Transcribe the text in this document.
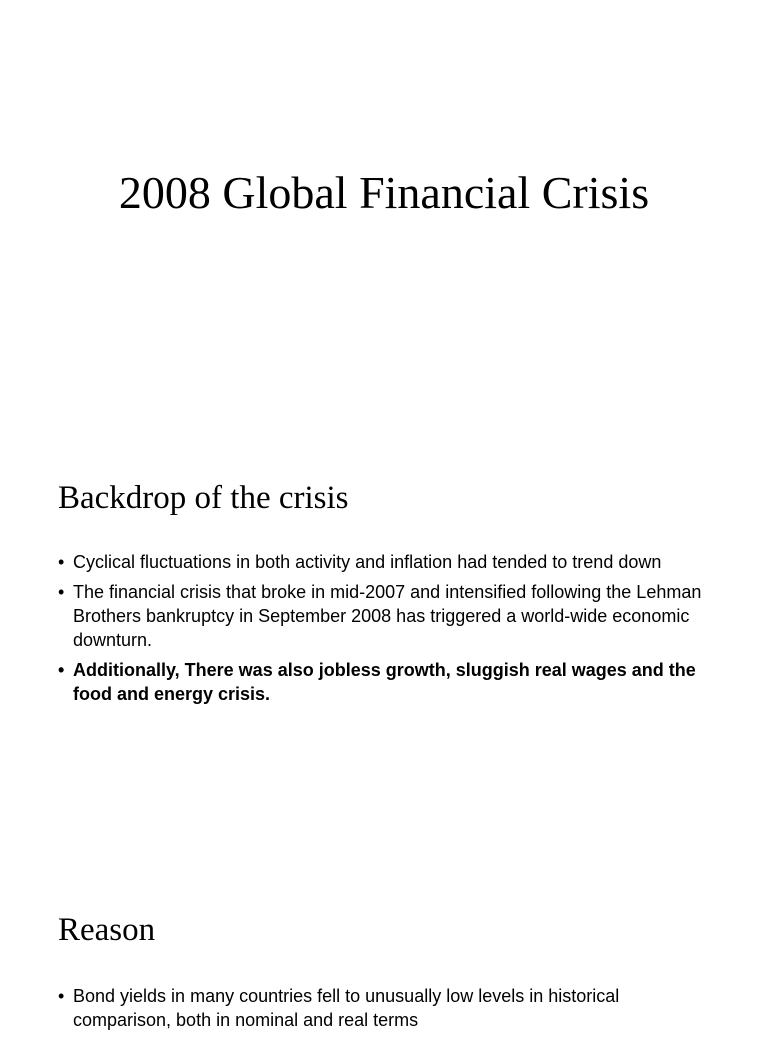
2008 Global Financial Crisis
Backdrop of the crisis
• Cyclical fluctuations in both activity and inflation had tended to trend down
• The financial crisis that broke in mid-2007 and intensified following the Lehman Brothers bankruptcy in September 2008 has triggered a world-wide economic downturn.
• Additionally, There was also jobless growth, sluggish real wages and the food and energy crisis.
Reason
• Bond yields in many countries fell to unusually low levels in historical comparison, both in nominal and real terms
